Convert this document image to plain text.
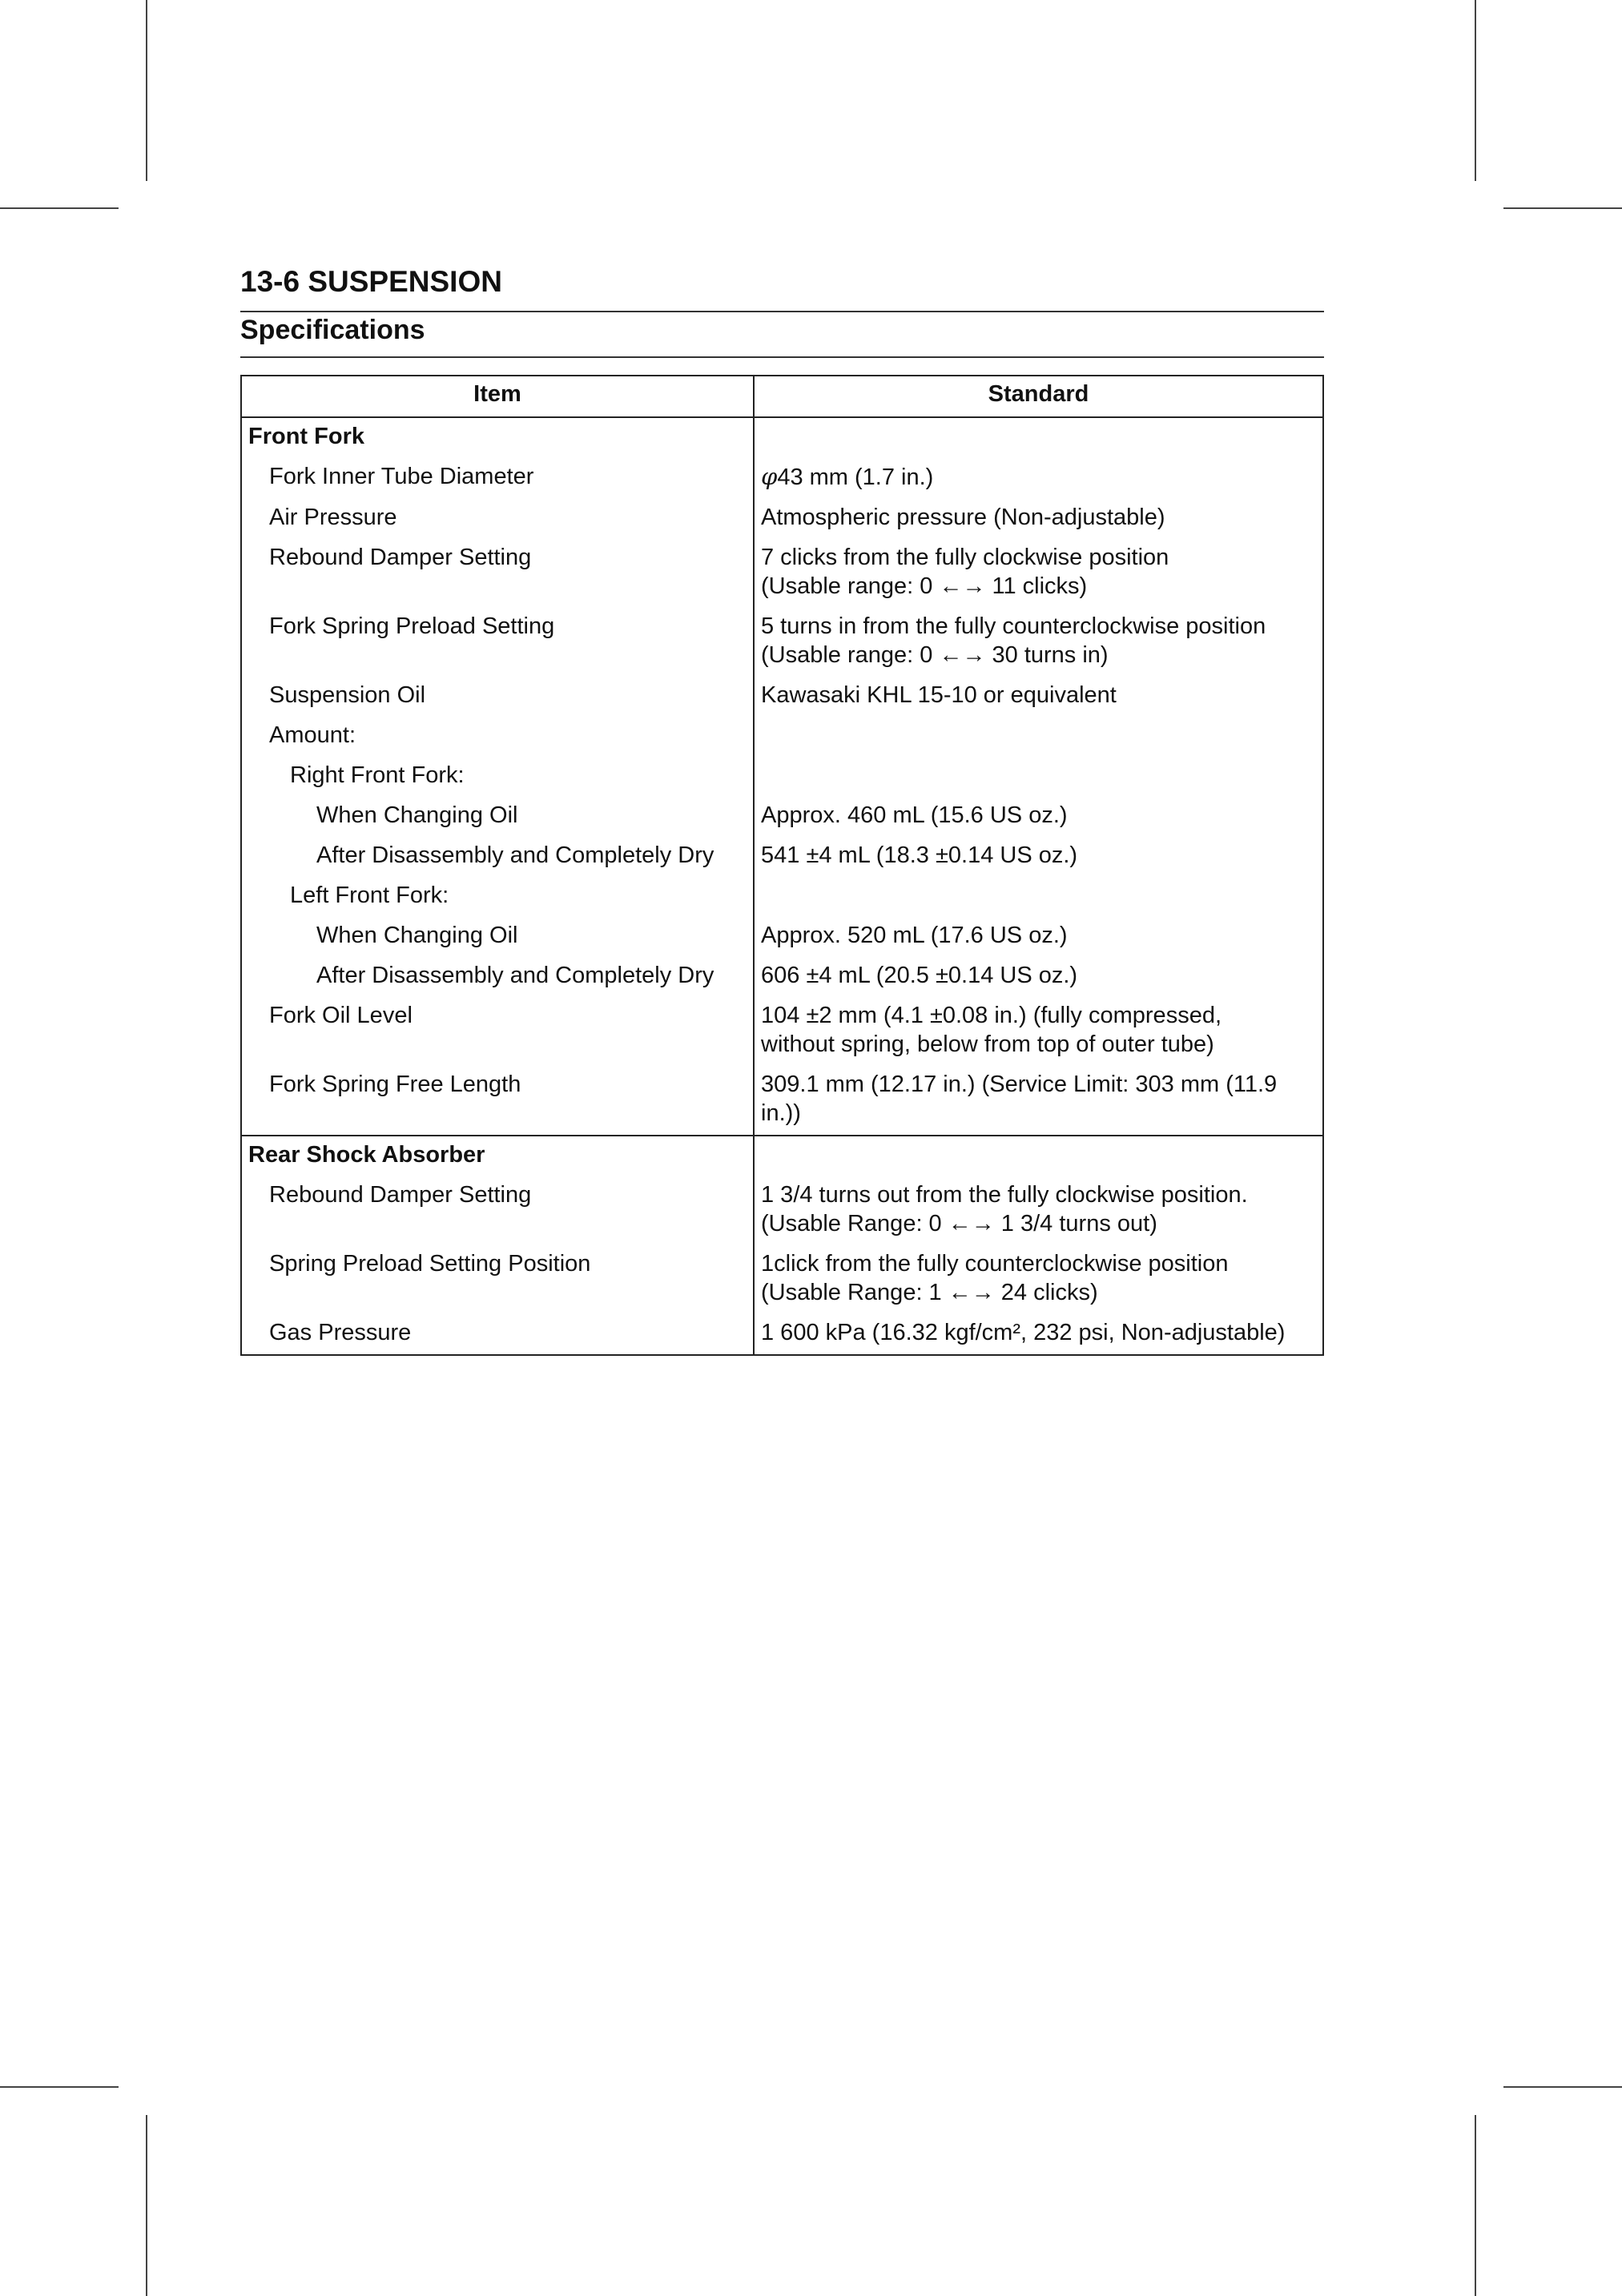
13-6 SUSPENSION
Specifications
Item	Standard
Front Fork	
Fork Inner Tube Diameter	φ43 mm (1.7 in.)
Air Pressure	Atmospheric pressure (Non-adjustable)
Rebound Damper Setting	7 clicks from the fully clockwise position
(Usable range: 0 ←→ 11 clicks)

Fork Spring Preload Setting	5 turns in from the fully counterclockwise position
(Usable range: 0 ←→ 30 turns in)

Suspension Oil	Kawasaki KHL 15-10 or equivalent
Amount:	
Right Front Fork:	
When Changing Oil	Approx. 460 mL (15.6 US oz.)
After Disassembly and Completely Dry	541 ±4 mL (18.3 ±0.14 US oz.)
Left Front Fork:	
When Changing Oil	Approx. 520 mL (17.6 US oz.)
After Disassembly and Completely Dry	606 ±4 mL (20.5 ±0.14 US oz.)
Fork Oil Level	104 ±2 mm (4.1 ±0.08 in.) (fully compressed,
without spring, below from top of outer tube)

Fork Spring Free Length	309.1 mm (12.17 in.) (Service Limit: 303 mm (11.9
in.))

Rear Shock Absorber	
Rebound Damper Setting	1 3/4 turns out from the fully clockwise position.
(Usable Range: 0 ←→ 1 3/4 turns out)

Spring Preload Setting Position	1click from the fully counterclockwise position
(Usable Range: 1 ←→ 24 clicks)

Gas Pressure	1 600 kPa (16.32 kgf/cm², 232 psi, Non-adjustable)
